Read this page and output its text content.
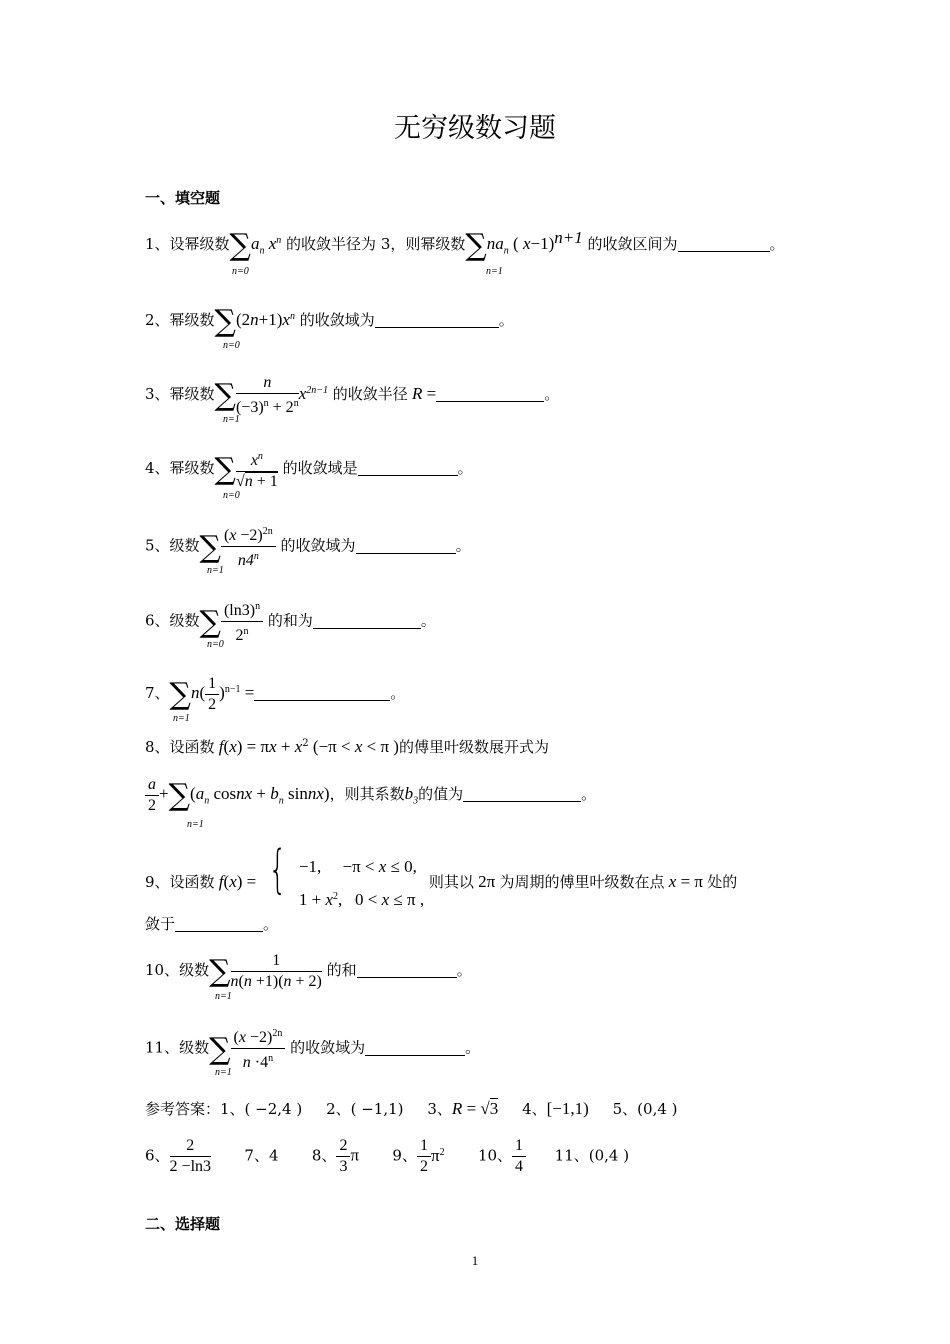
无穷级数习题
一、填空题
1、设幂级数$\sum a_n$ $x^n$ 的收敛半径为 3，则幂级数$\sum na_n$ ( x−1)$^{n+1}$ 的收敛区间为	。
n=0	n=1
2、幂级数$\sum(2n+1)x^n$ 的收敛域为	。
n=0
3、幂级数∑ $\frac{n}{(-3)^n + 2^n} x^{2n-1}$ 的收敛半径 R =	。
n=1
4、幂级数∑ $\frac{x^n}{√n + 1}$ 的收敛域是	。
n=0
5、级数∑ $\frac{(x -2)^{2n}}{n4^n}$ 的收敛域为	。
n=1
6、级数∑ $\frac{(\ln 3)^n}{2^n}$ 的和为	。
n=0
7、$\sum n( \frac{1}{2} )^{n-1}$ =	。
n=1
8、设函数 $f(x) = \pi x + x^2$ (−π < x < π )的傅里叶级数展开式为
$\frac{a}{2} +\sum(a_n$ cosnx + $b_n$ sinnx)，则其系数$b_3$的值为	。
n=1
9、设函数 f(x) = { −1,     −π < x ≤ 0,
$1 + x^2$,   0 < x ≤ π ,
则其以 2π 为周期的傅里叶级数在点 x = π 处的
敛于	。
10、级数∑ $\frac{1}{n(n +1)(n + 2)}$ 的和	。
n=1
11、级数∑ $\frac{(x -2)^{2n}}{n \cdot 4^n}$ 的收敛域为	。
n=1
参考答案：1、( −2,4 ) 2、( −1,1) 3、R = √3 4、[−1,1) 5、(0,4 )
6、 $\frac{2}{2 -\ln 3} 7$、4 8、 $\frac{2}{3}$ π 9、 $\frac{1}{2} \pi^2$ 10、 $\frac{1}{4} 11$、(0,4 )
二、选择题
1
